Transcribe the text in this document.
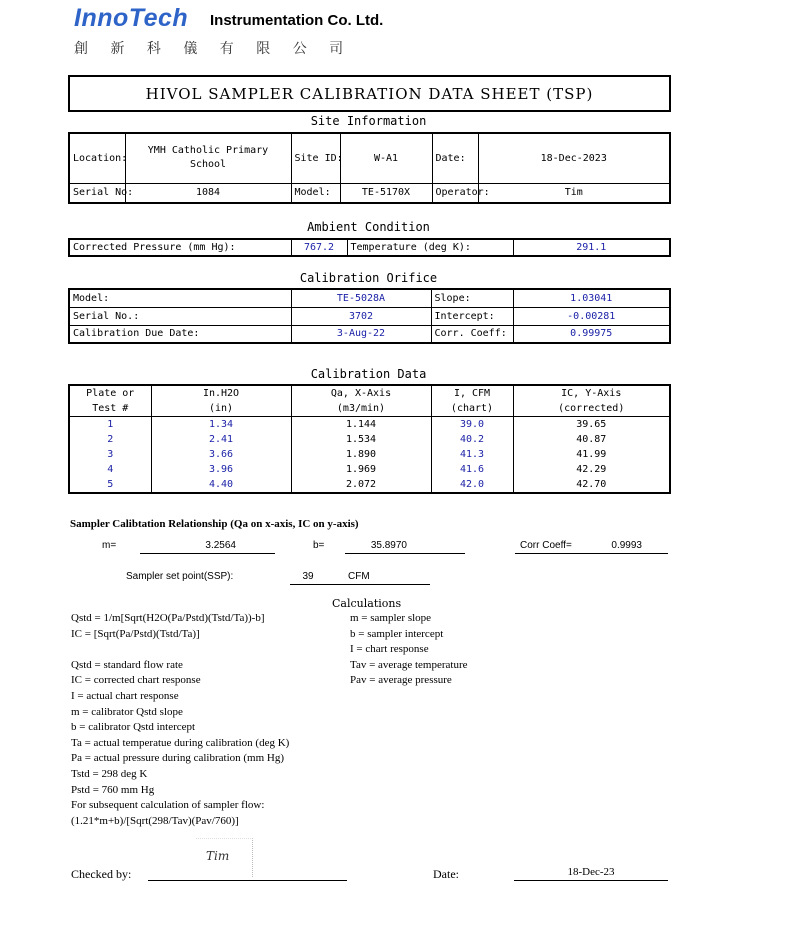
InnoTech Instrumentation Co. Ltd.
創 新 科 儀 有 限 公 司
HIVOL SAMPLER CALIBRATION DATA SHEET (TSP)
Site Information
Location:	YMH Catholic Primary School	Site ID:	W-A1	Date:	18-Dec-2023
Serial No:	1084	Model:	TE-5170X	Operator:	Tim
Ambient Condition
Corrected Pressure (mm Hg):	767.2	Temperature (deg K):	291.1
Calibration Orifice
Model:	TE-5028A	Slope:	1.03041
Serial No.:	3702	Intercept:	-0.00281
Calibration Due Date:	3-Aug-22	Corr. Coeff:	0.99975
Calibration Data
Plate or	In.H2O	Qa, X-Axis	I, CFM	IC, Y-Axis
Test #	(in)	(m3/min)	(chart)	(corrected)
1	1.34	1.144	39.0	39.65
2	2.41	1.534	40.2	40.87
3	3.66	1.890	41.3	41.99
4	3.96	1.969	41.6	42.29
5	4.40	2.072	42.0	42.70
Sampler Calibtation Relationship (Qa on x-axis, IC on y-axis)
m=	3.2564	b=	35.8970	Corr Coeff=	0.9993
Sampler set point(SSP):	39	CFM
Calculations
Qstd = 1/m[Sqrt(H2O(Pa/Pstd)(Tstd/Ta))-b]
IC = [Sqrt(Pa/Pstd)(Tstd/Ta)]
Qstd = standard flow rate
IC = corrected chart response
I = actual chart response
m = calibrator Qstd slope
b = calibrator Qstd intercept
Ta = actual temperatue during calibration (deg K)
Pa = actual pressure during calibration (mm Hg)
Tstd = 298 deg K
Pstd = 760 mm Hg
For subsequent calculation of sampler flow:
(1.21*m+b)/[Sqrt(298/Tav)(Pav/760)]
m = sampler slope
b = sampler intercept
I = chart response
Tav = average temperature
Pav = average pressure
Checked by:
Tim
Date:	18-Dec-23
